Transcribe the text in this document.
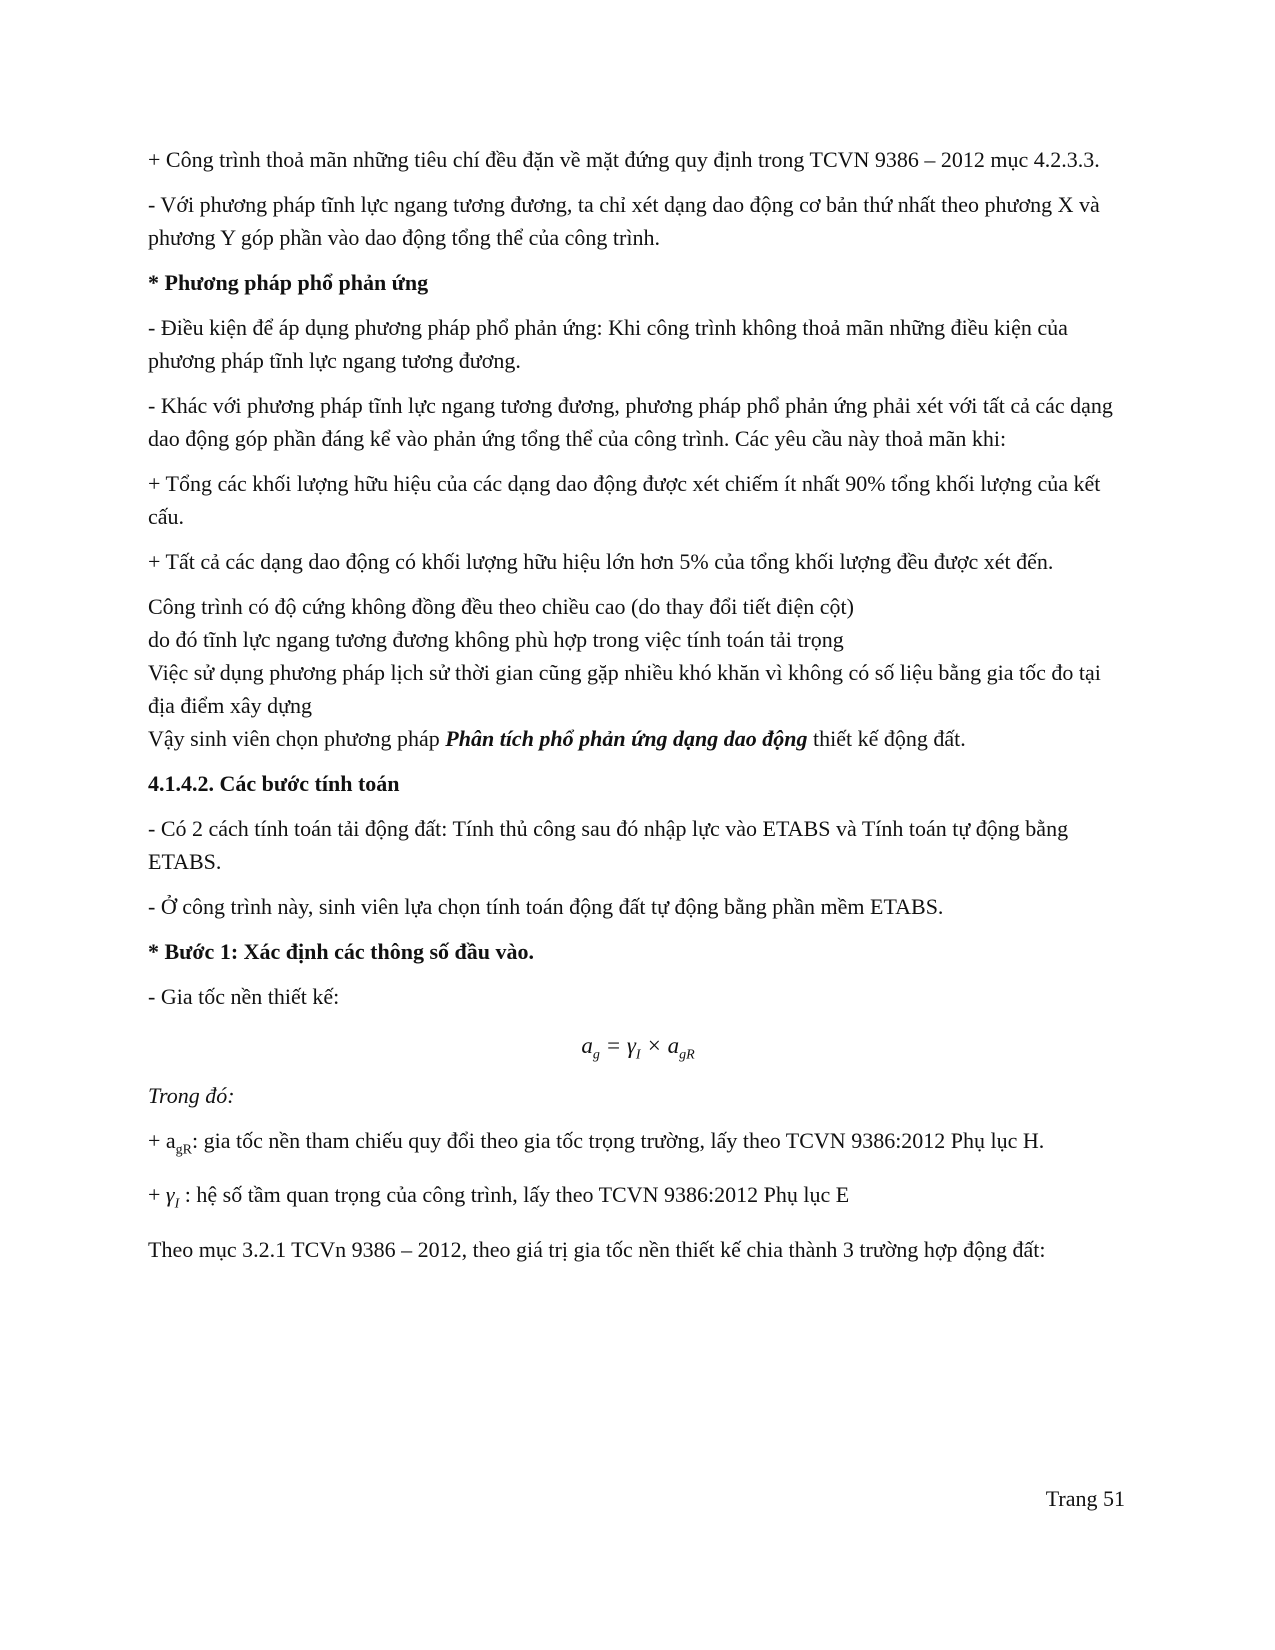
+ Công trình thoả mãn những tiêu chí đều đặn về mặt đứng quy định trong TCVN 9386 – 2012 mục 4.2.3.3.

- Với phương pháp tĩnh lực ngang tương đương, ta chỉ xét dạng dao động cơ bản thứ nhất theo phương X và phương Y góp phần vào dao động tổng thể của công trình.

* Phương pháp phổ phản ứng

- Điều kiện để áp dụng phương pháp phổ phản ứng: Khi công trình không thoả mãn những điều kiện của phương pháp tĩnh lực ngang tương đương.

- Khác với phương pháp tĩnh lực ngang tương đương, phương pháp phổ phản ứng phải xét với tất cả các dạng dao động góp phần đáng kể vào phản ứng tổng thể của công trình. Các yêu cầu này thoả mãn khi:

+ Tổng các khối lượng hữu hiệu của các dạng dao động được xét chiếm ít nhất 90% tổng khối lượng của kết cấu.

+ Tất cả các dạng dao động có khối lượng hữu hiệu lớn hơn 5% của tổng khối lượng đều được xét đến.

Công trình có độ cứng không đồng đều theo chiều cao (do thay đổi tiết điện cột)

do đó tĩnh lực ngang tương đương không phù hợp trong việc tính toán tải trọng

Việc sử dụng phương pháp lịch sử thời gian cũng gặp nhiều khó khăn vì không có số liệu bằng gia tốc đo tại địa điểm xây dựng

Vậy sinh viên chọn phương pháp Phân tích phổ phản ứng dạng dao động thiết kế động đất.

4.1.4.2. Các bước tính toán

- Có 2 cách tính toán tải động đất: Tính thủ công sau đó nhập lực vào ETABS và Tính toán tự động bằng ETABS.

- Ở công trình này, sinh viên lựa chọn tính toán động đất tự động bằng phần mềm ETABS.

* Bước 1: Xác định các thông số đầu vào.

- Gia tốc nền thiết kế:

$a_g = \gamma_I \times a_{gR}$

Trong đó:

+ $a_{gR}$: gia tốc nền tham chiếu quy đổi theo gia tốc trọng trường, lấy theo TCVN 9386:2012 Phụ lục H.

+ $\gamma_I$ : hệ số tầm quan trọng của công trình, lấy theo TCVN 9386:2012 Phụ lục E

Theo mục 3.2.1 TCVn 9386 – 2012, theo giá trị gia tốc nền thiết kế chia thành 3 trường hợp động đất:

Trang 51
